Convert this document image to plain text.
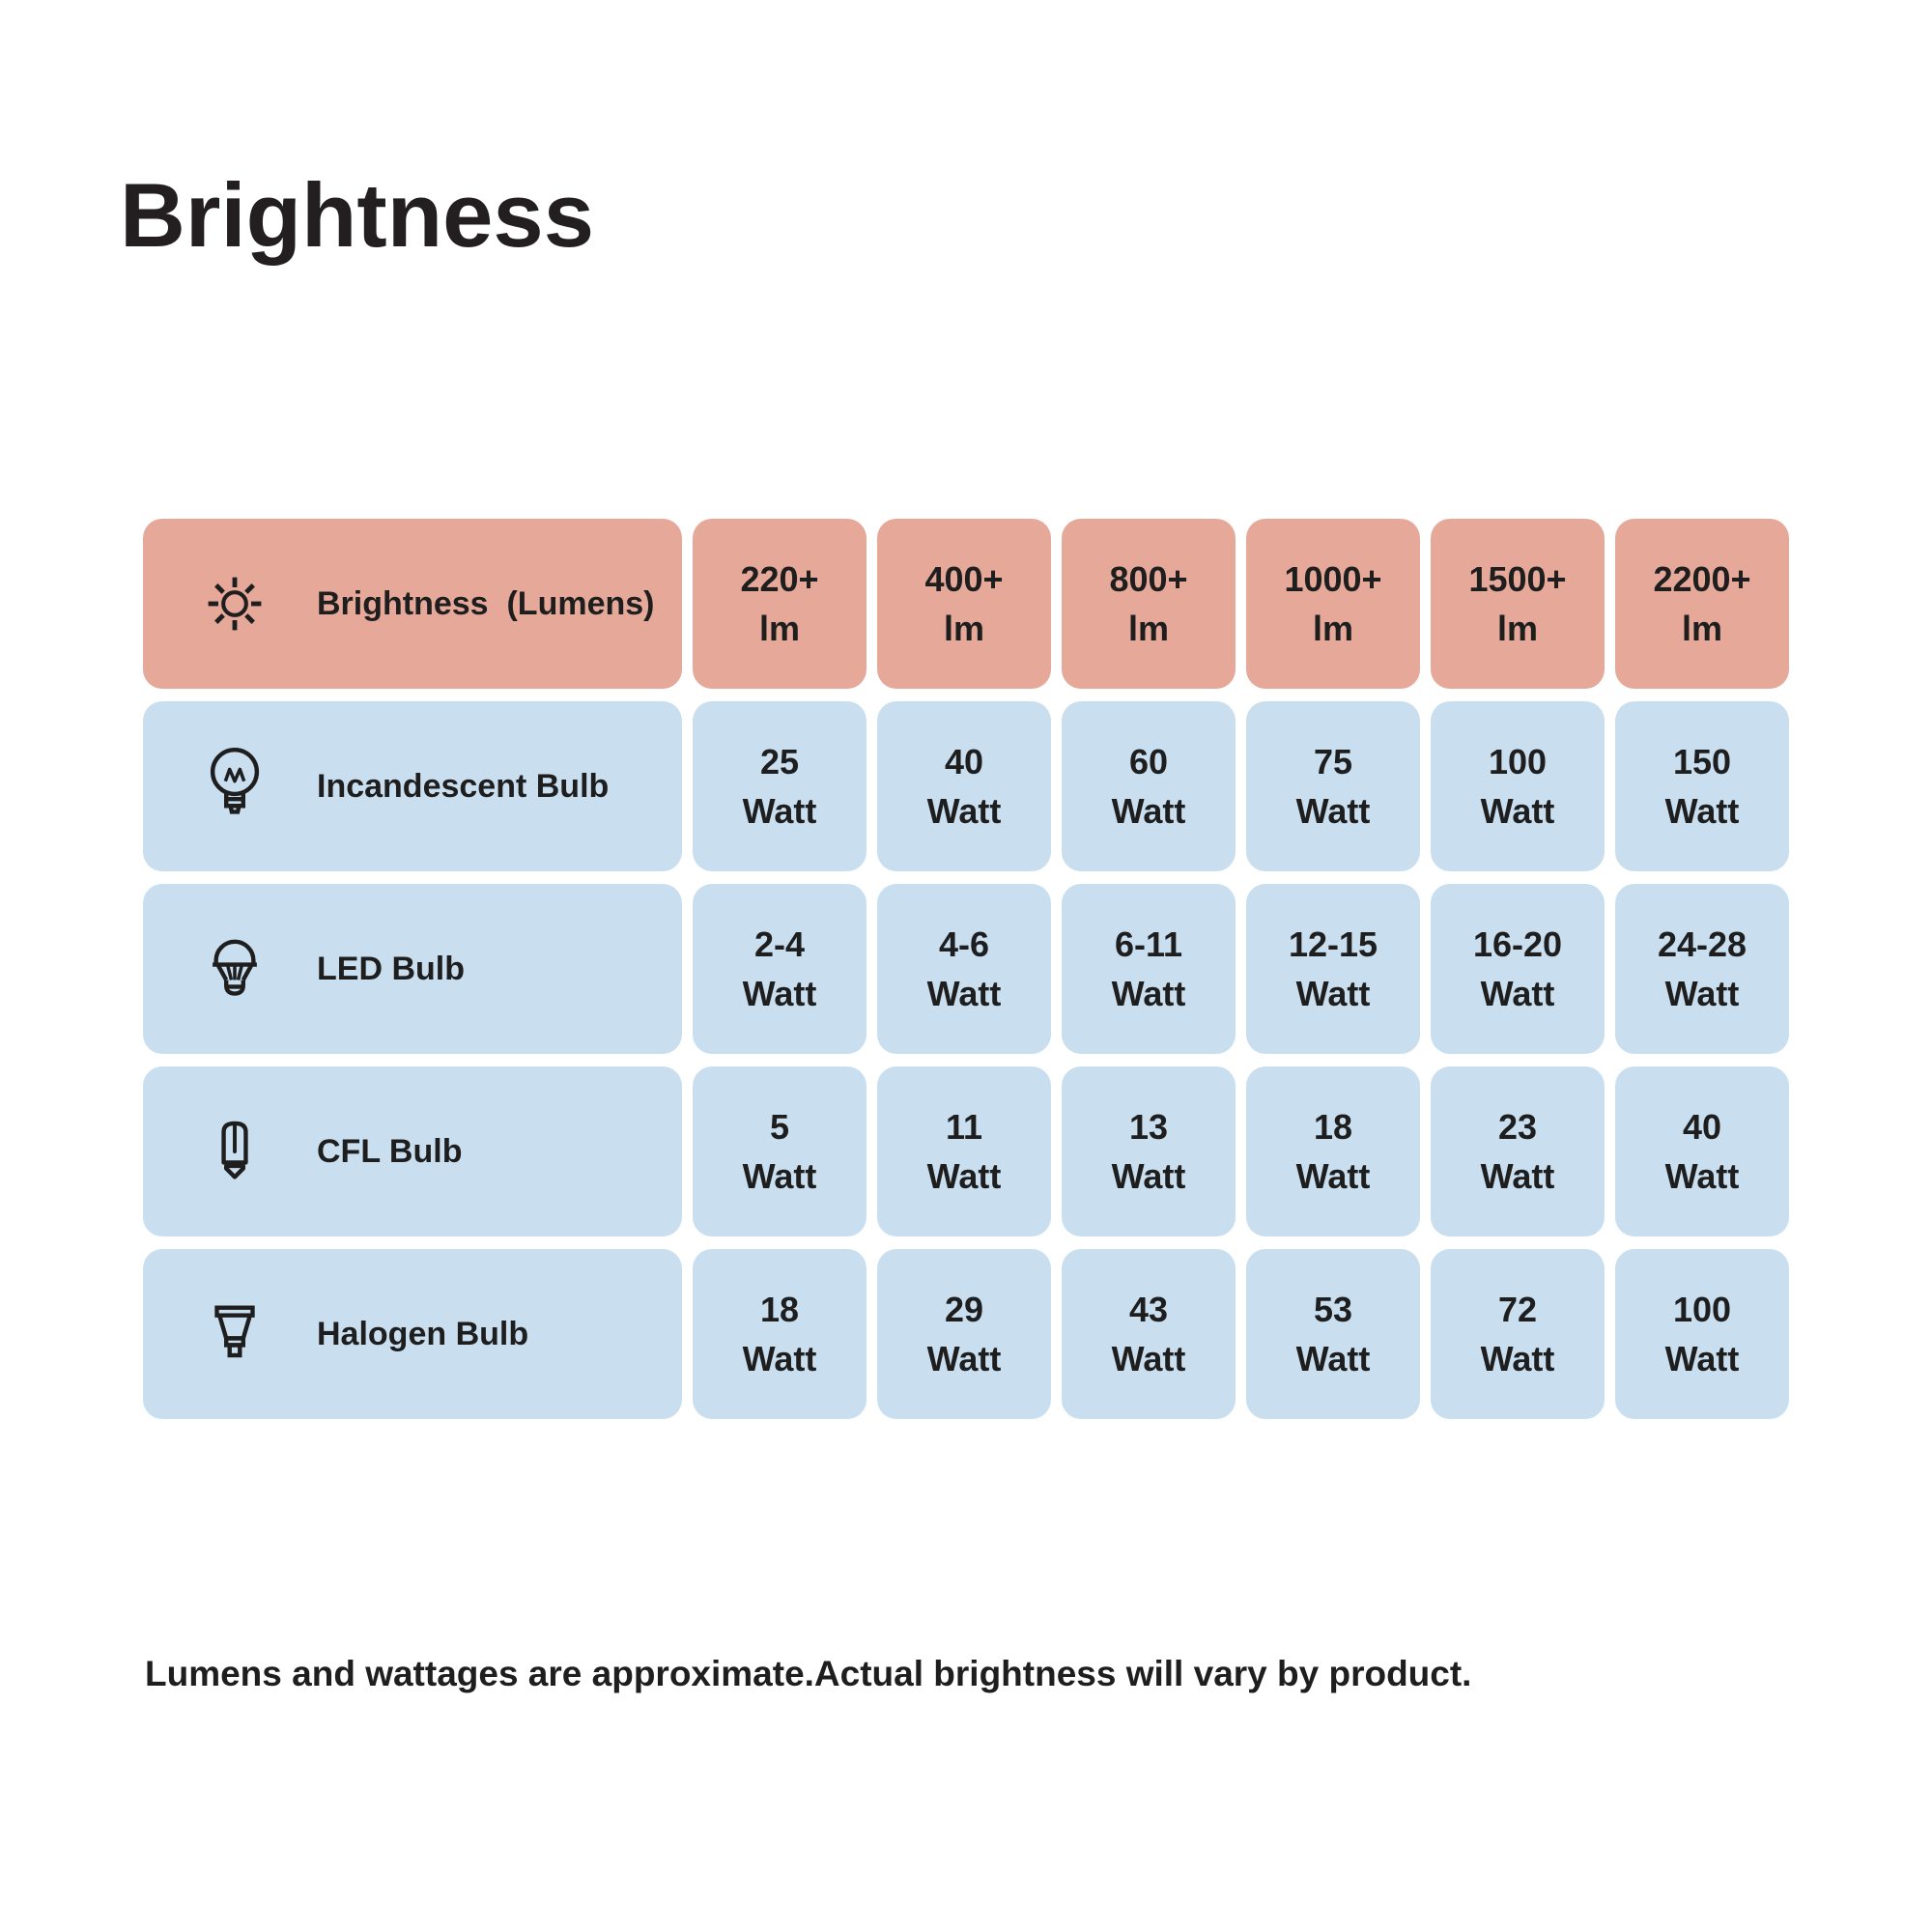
Brightness
Brightness  (Lumens)
220+
lm
400+
lm
800+
lm
1000+
lm
1500+
lm
2200+
lm
Incandescent Bulb
25
Watt
40
Watt
60
Watt
75
Watt
100
Watt
150
Watt
LED Bulb
2-4
Watt
4-6
Watt
6-11
Watt
12-15
Watt
16-20
Watt
24-28
Watt
CFL Bulb
5
Watt
11
Watt
13
Watt
18
Watt
23
Watt
40
Watt
Halogen Bulb
18
Watt
29
Watt
43
Watt
53
Watt
72
Watt
100
Watt

Lumens and wattages are approximate.Actual brightness will vary by product.
